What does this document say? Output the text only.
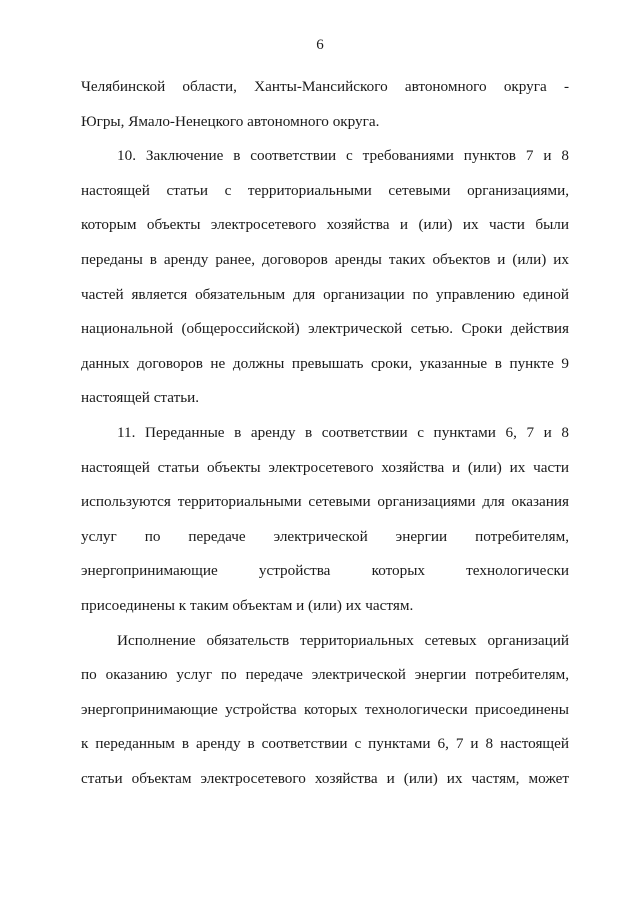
6
Челябинской области, Ханты-Мансийского автономного округа -
Югры, Ямало-Ненецкого автономного округа.
10. Заключение в соответствии с требованиями пунктов 7 и 8
настоящей статьи с территориальными сетевыми организациями,
которым объекты электросетевого хозяйства и (или) их части были
переданы в аренду ранее, договоров аренды таких объектов и (или) их
частей является обязательным для организации по управлению единой
национальной (общероссийской) электрической сетью. Сроки действия
данных договоров не должны превышать сроки, указанные в пункте 9
настоящей статьи.
11. Переданные в аренду в соответствии с пунктами 6, 7 и 8
настоящей статьи объекты электросетевого хозяйства и (или) их части
используются территориальными сетевыми организациями для оказания
услуг по передаче электрической энергии потребителям,
энергопринимающие устройства которых технологически
присоединены к таким объектам и (или) их частям.
Исполнение обязательств территориальных сетевых организаций
по оказанию услуг по передаче электрической энергии потребителям,
энергопринимающие устройства которых технологически присоединены
к переданным в аренду в соответствии с пунктами 6, 7 и 8 настоящей
статьи объектам электросетевого хозяйства и (или) их частям, может
